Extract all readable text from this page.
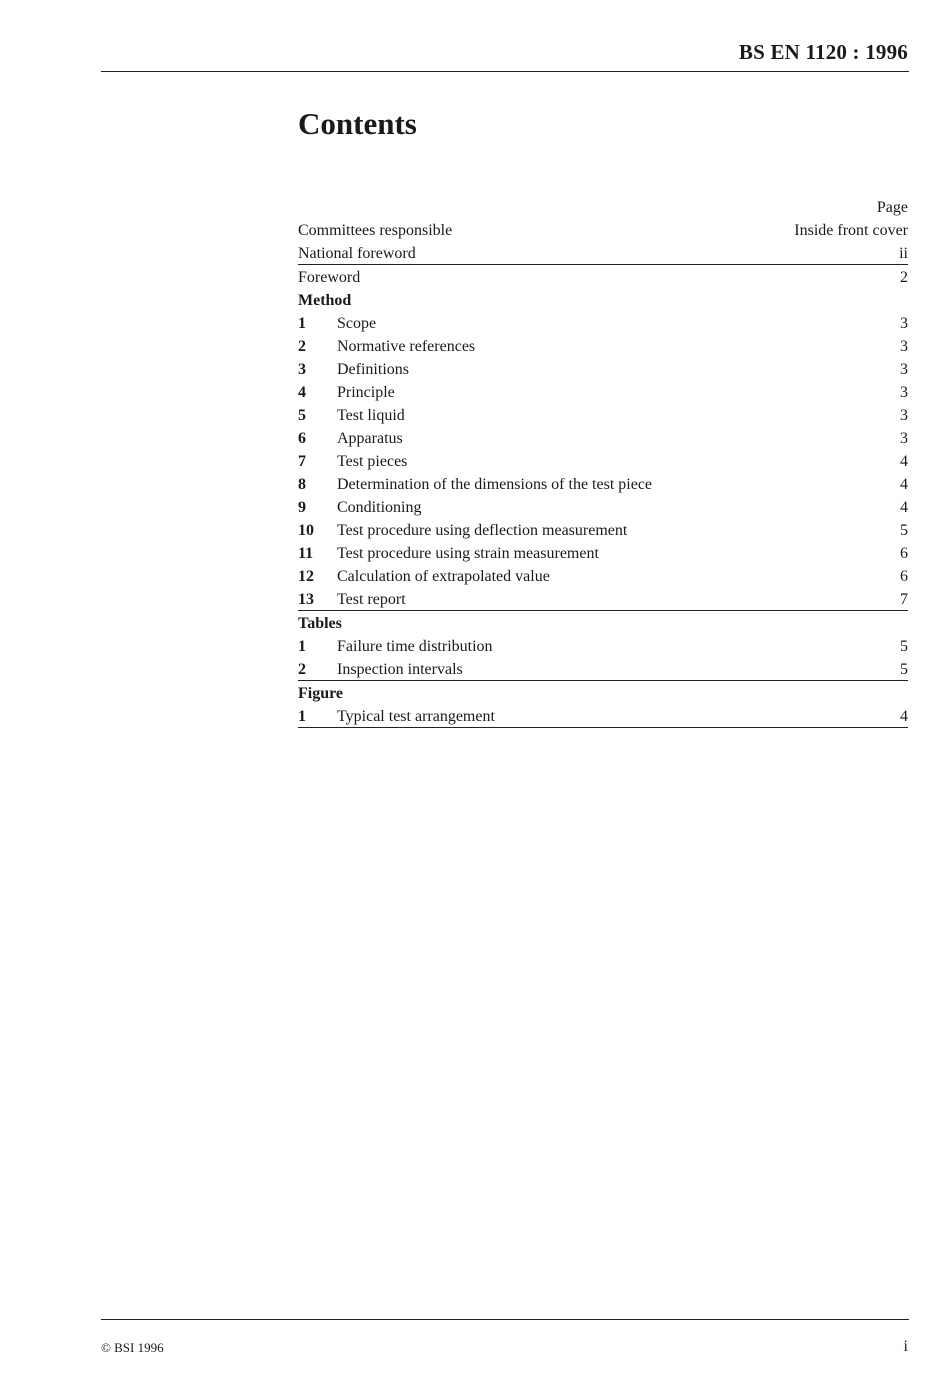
BS EN 1120 : 1996
Contents
Page
Committees responsible	Inside front cover
National foreword	ii
Foreword	2
Method
1 Scope	3
2 Normative references	3
3 Definitions	3
4 Principle	3
5 Test liquid	3
6 Apparatus	3
7 Test pieces	4
8 Determination of the dimensions of the test piece	4
9 Conditioning	4
10 Test procedure using deflection measurement	5
11 Test procedure using strain measurement	6
12 Calculation of extrapolated value	6
13 Test report	7
Tables
1 Failure time distribution	5
2 Inspection intervals	5
Figure
1 Typical test arrangement	4
© BSI 1996	i
